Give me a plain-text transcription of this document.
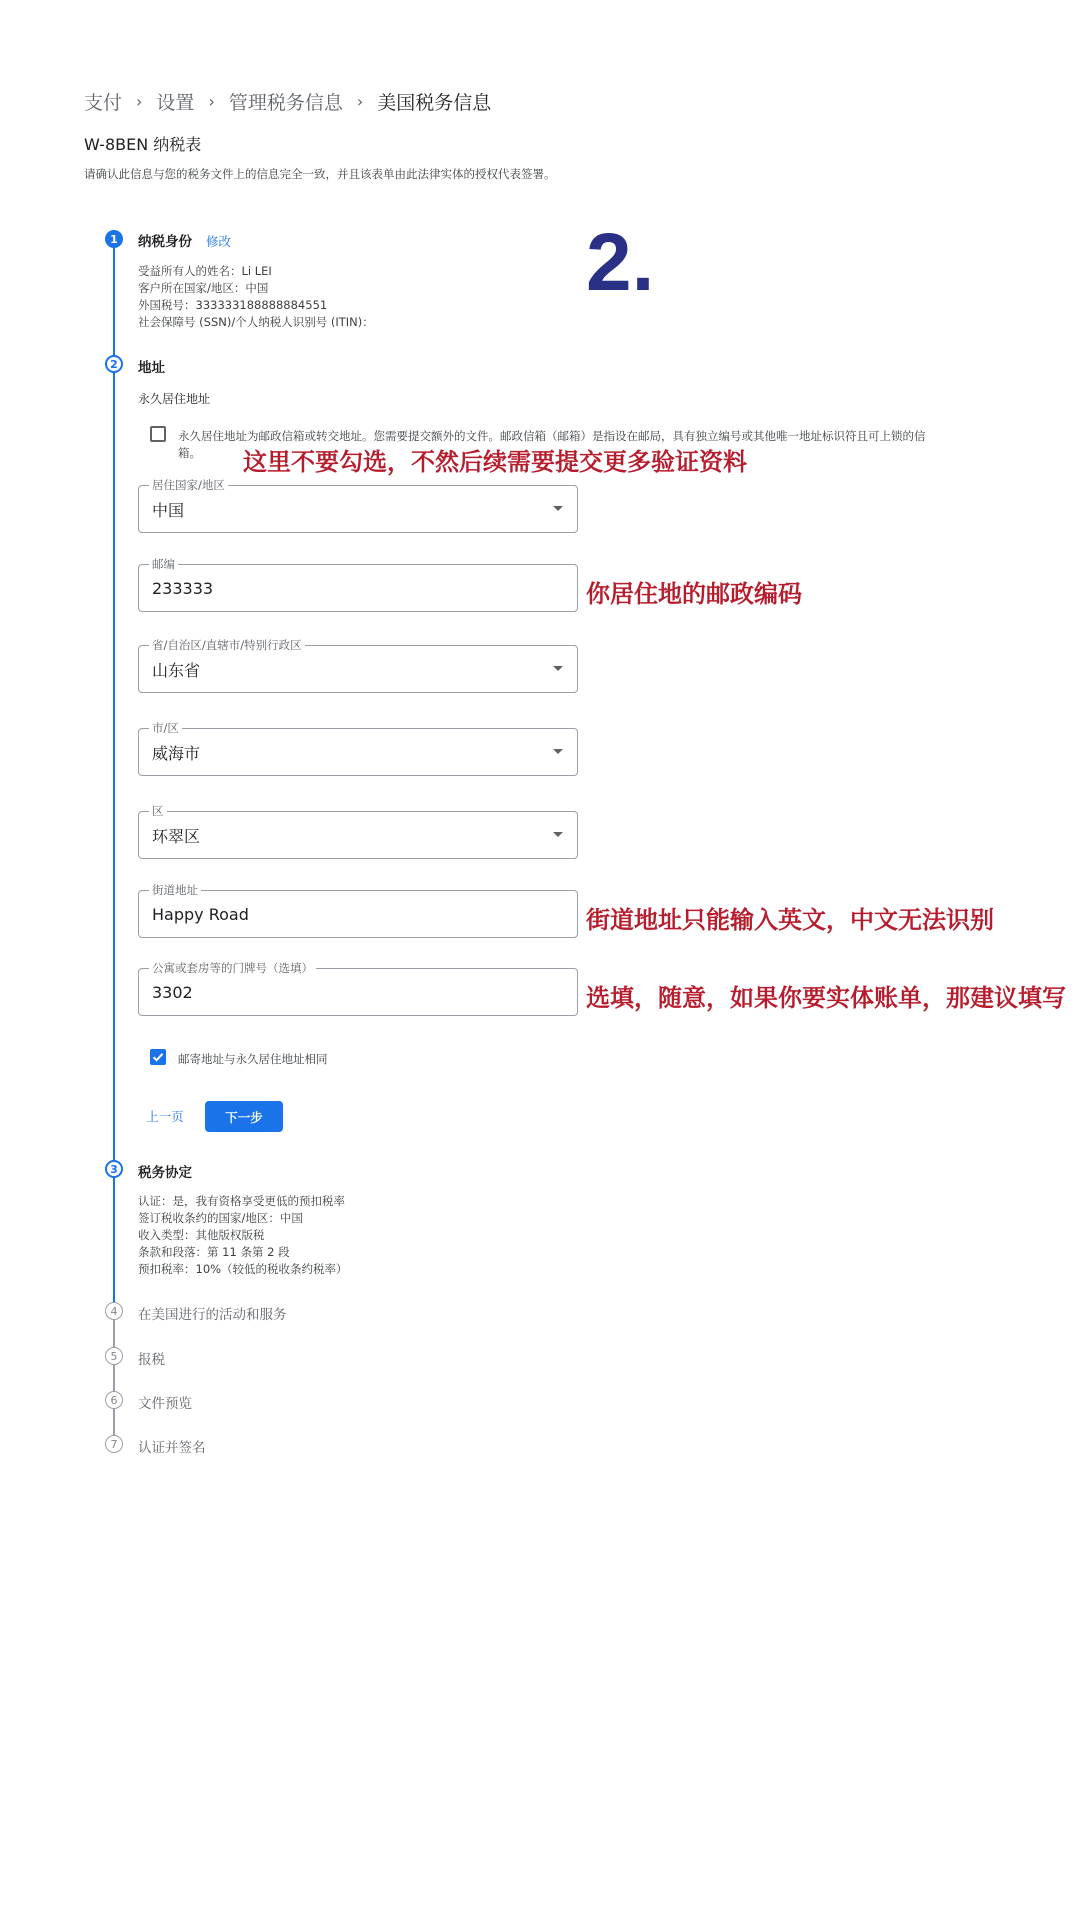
支付 › 设置 › 管理税务信息 › 美国税务信息
W-8BEN 纳税表
请确认此信息与您的税务文件上的信息完全一致，并且该表单由此法律实体的授权代表签署。
1	纳税身份 修改
受益所有人的姓名：Li LEI
客户所在国家/地区：中国
外国税号：333333188888884551
社会保障号 (SSN)/个人纳税人识别号 (ITIN)：
2	地址
永久居住地址
永久居住地址为邮政信箱或转交地址。您需要提交额外的文件。邮政信箱（邮箱）是指设在邮局，具有独立编号或其他唯一地址标识符且可上锁的信箱。
居住国家/地区
中国
邮编
233333
省/自治区/直辖市/特别行政区
山东省
市/区
威海市
区
环翠区
街道地址
Happy Road
公寓或套房等的门牌号（选填）
3302
邮寄地址与永久居住地址相同
上一页	下一步
3	税务协定
认证：是，我有资格享受更低的预扣税率
签订税收条约的国家/地区：中国
收入类型：其他版权版税
条款和段落：第 11 条第 2 段
预扣税率：10%（较低的税收条约税率）
4	在美国进行的活动和服务
5	报税
6	文件预览
7	认证并签名
2.
这里不要勾选，不然后续需要提交更多验证资料
你居住地的邮政编码
街道地址只能输入英文，中文无法识别
选填，随意，如果你要实体账单，那建议填写
